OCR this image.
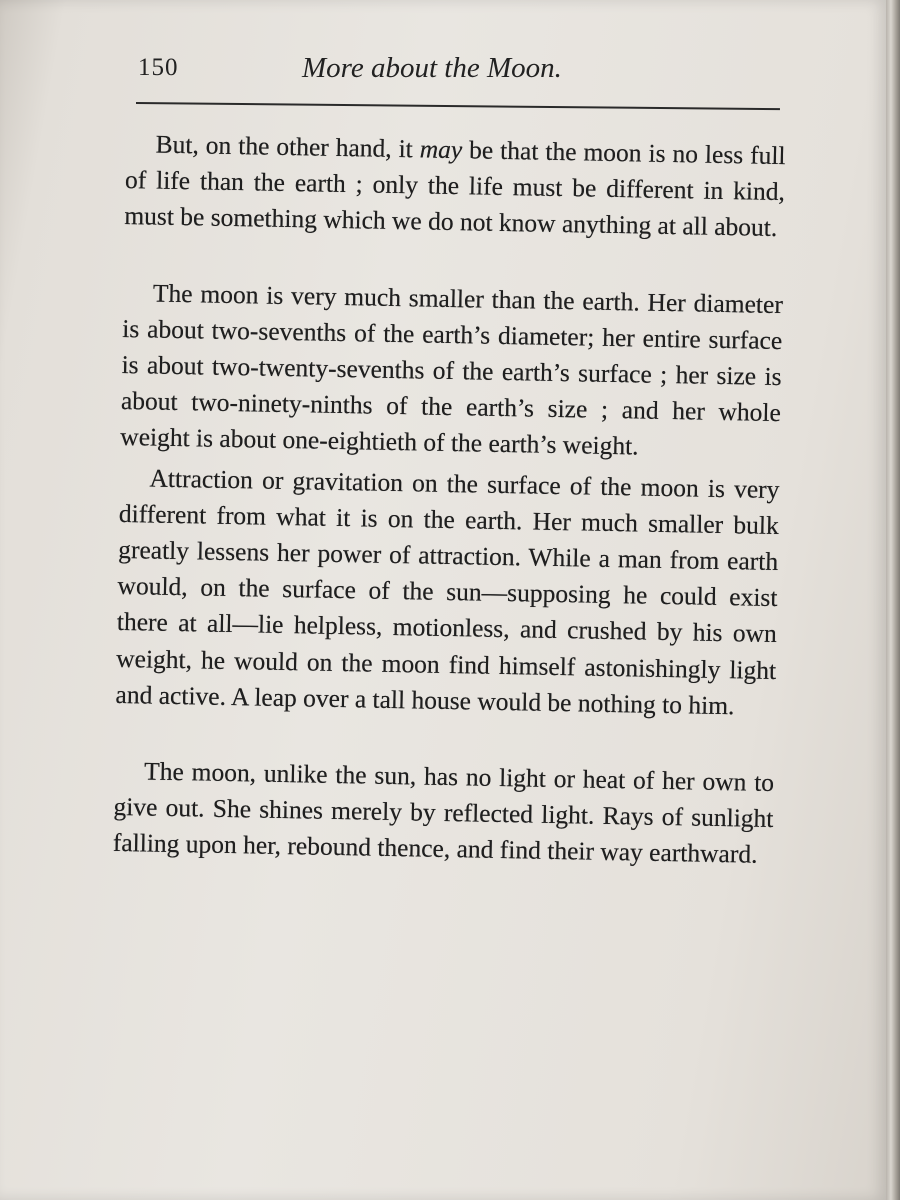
150	More about the Moon.

But, on the other hand, it may be that the moon is no less full of life than the earth ; only the life must be different in kind, must be something which we do not know anything at all about.

The moon is very much smaller than the earth. Her diameter is about two-sevenths of the earth’s diameter; her entire surface is about two-twenty-sevenths of the earth’s surface ; her size is about two-ninety-ninths of the earth’s size ; and her whole weight is about one-eightieth of the earth’s weight.

Attraction or gravitation on the surface of the moon is very different from what it is on the earth. Her much smaller bulk greatly lessens her power of attraction. While a man from earth would, on the surface of the sun—supposing he could exist there at all—lie helpless, motionless, and crushed by his own weight, he would on the moon find himself astonishingly light and active. A leap over a tall house would be nothing to him.

The moon, unlike the sun, has no light or heat of her own to give out. She shines merely by reflected light. Rays of sunlight falling upon her, rebound thence, and find their way earthward.
